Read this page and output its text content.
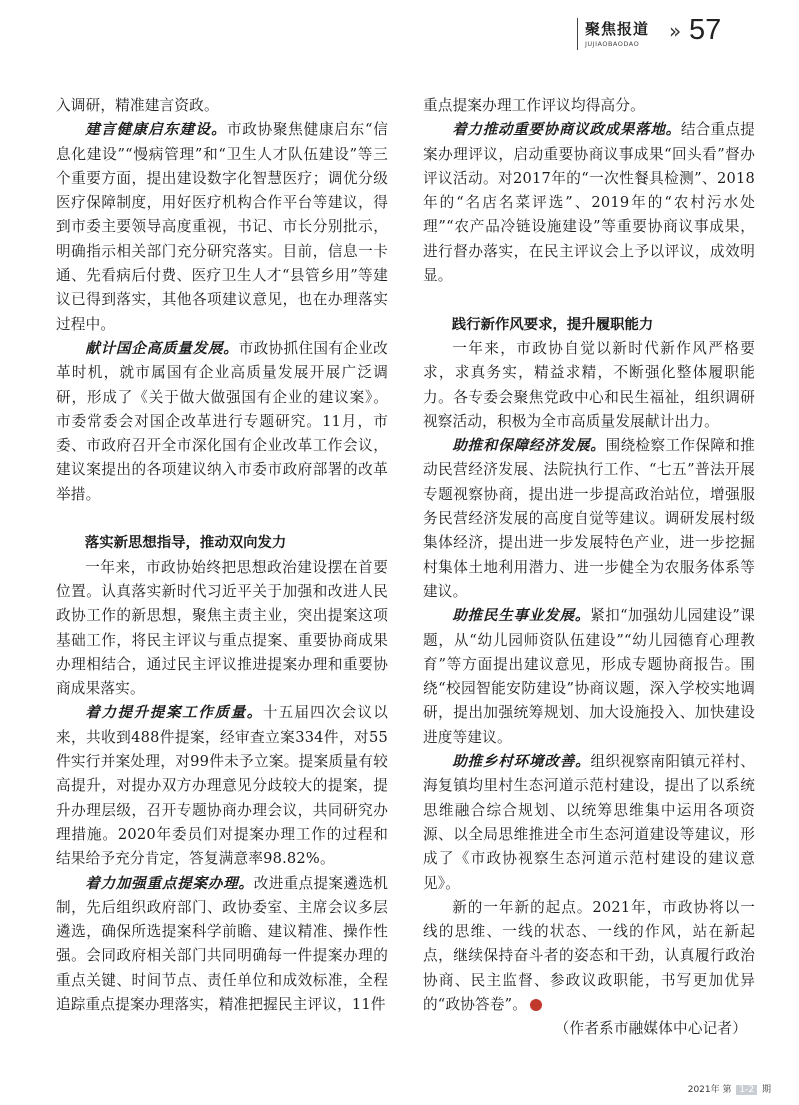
聚焦报道
JUJIAOBAODAO
» 57

入调研，精准建言资政。

建言健康启东建设。市政协聚焦健康启东“信息化建设”“慢病管理”和“卫生人才队伍建设”等三个重要方面，提出建设数字化智慧医疗；调优分级医疗保障制度，用好医疗机构合作平台等建议，得到市委主要领导高度重视，书记、市长分别批示，明确指示相关部门充分研究落实。目前，信息一卡通、先看病后付费、医疗卫生人才“县管乡用”等建议已得到落实，其他各项建议意见，也在办理落实过程中。

献计国企高质量发展。市政协抓住国有企业改革时机，就市属国有企业高质量发展开展广泛调研，形成了《关于做大做强国有企业的建议案》。市委常委会对国企改革进行专题研究。11月，市委、市政府召开全市深化国有企业改革工作会议，建议案提出的各项建议纳入市委市政府部署的改革举措。

落实新思想指导，推动双向发力

一年来，市政协始终把思想政治建设摆在首要位置。认真落实新时代习近平关于加强和改进人民政协工作的新思想，聚焦主责主业，突出提案这项基础工作，将民主评议与重点提案、重要协商成果办理相结合，通过民主评议推进提案办理和重要协商成果落实。

着力提升提案工作质量。十五届四次会议以来，共收到488件提案，经审查立案334件，对55件实行并案处理，对99件未予立案。提案质量有较高提升，对提办双方办理意见分歧较大的提案，提升办理层级，召开专题协商办理会议，共同研究办理措施。2020年委员们对提案办理工作的过程和结果给予充分肯定，答复满意率98.82%。

着力加强重点提案办理。改进重点提案遴选机制，先后组织政府部门、政协委室、主席会议多层遴选，确保所选提案科学前瞻、建议精准、操作性强。会同政府相关部门共同明确每一件提案办理的重点关键、时间节点、责任单位和成效标准，全程追踪重点提案办理落实，精准把握民主评议，11件

重点提案办理工作评议均得高分。

着力推动重要协商议政成果落地。结合重点提案办理评议，启动重要协商议事成果“回头看”督办评议活动。对2017年的“一次性餐具检测”、2018年的“名店名菜评选”、2019年的“农村污水处理”“农产品冷链设施建设”等重要协商议事成果，进行督办落实，在民主评议会上予以评议，成效明显。

践行新作风要求，提升履职能力

一年来，市政协自觉以新时代新作风严格要求，求真务实，精益求精，不断强化整体履职能力。各专委会聚焦党政中心和民生福祉，组织调研视察活动，积极为全市高质量发展献计出力。

助推和保障经济发展。围绕检察工作保障和推动民营经济发展、法院执行工作、“七五”普法开展专题视察协商，提出进一步提高政治站位，增强服务民营经济发展的高度自觉等建议。调研发展村级集体经济，提出进一步发展特色产业，进一步挖掘村集体土地利用潜力、进一步健全为农服务体系等建议。

助推民生事业发展。紧扣“加强幼儿园建设”课题，从“幼儿园师资队伍建设”“幼儿园德育心理教育”等方面提出建议意见，形成专题协商报告。围绕“校园智能安防建设”协商议题，深入学校实地调研，提出加强统筹规划、加大设施投入、加快建设进度等建议。

助推乡村环境改善。组织视察南阳镇元祥村、海复镇均里村生态河道示范村建设，提出了以系统思维融合综合规划、以统筹思维集中运用各项资源、以全局思维推进全市生态河道建设等建议，形成了《市政协视察生态河道示范村建设的建议意见》。

新的一年新的起点。2021年，市政协将以一线的思维、一线的状态、一线的作风，站在新起点，继续保持奋斗者的姿态和干劲，认真履行政治协商、民主监督、参政议政职能，书写更加优异的“政协答卷”。

（作者系市融媒体中心记者）

2021年 第 1-2 期
